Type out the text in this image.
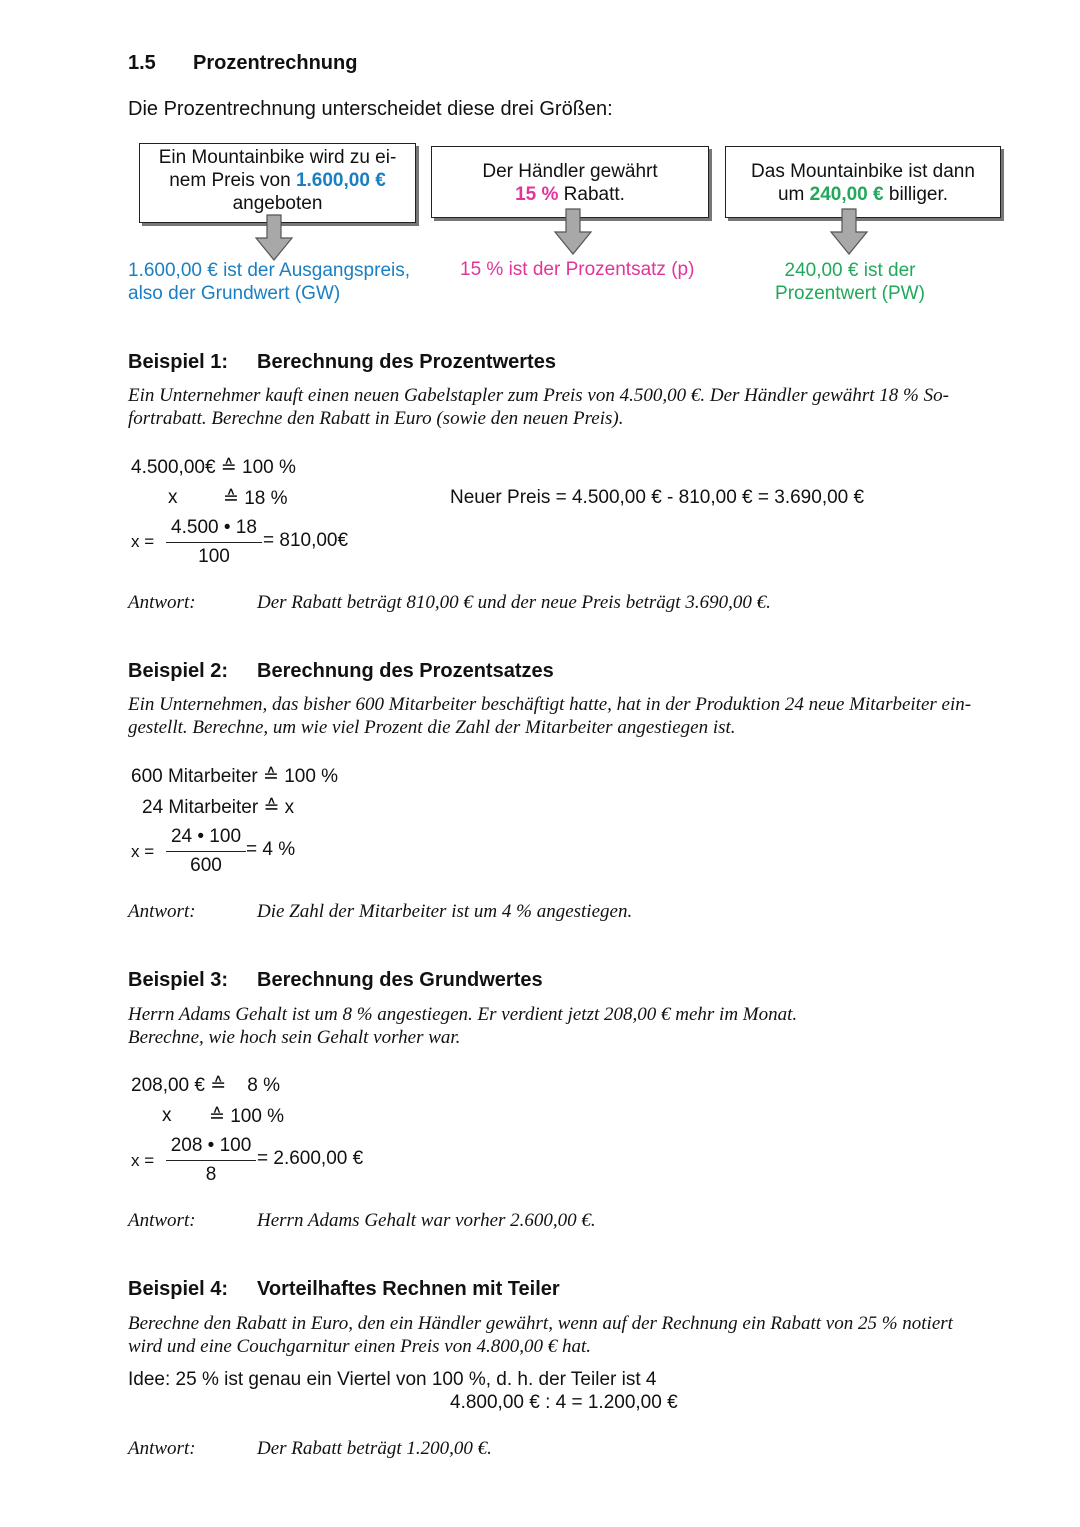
1.5 Prozentrechnung
Die Prozentrechnung unterscheidet diese drei Größen:
Ein Mountainbike wird zu ei-
nem Preis von 1.600,00 €
angeboten
Der Händler gewährt
15 % Rabatt.
Das Mountainbike ist dann
um 240,00 € billiger.
1.600,00 € ist der Ausgangspreis,
also der Grundwert (GW)
15 % ist der Prozentsatz (p)	240,00 € ist der
Prozentwert (PW)
Beispiel 1: Berechnung des Prozentwertes
Ein Unternehmer kauft einen neuen Gabelstapler zum Preis von 4.500,00 €. Der Händler gewährt 18 % So-
fortrabatt. Berechne den Rabatt in Euro (sowie den neuen Preis).
4.500,00€ ≙ 100 %
x ≙ 18 %
x =
4.500 • 18
100
= 810,00€
Neuer Preis = 4.500,00 € - 810,00 € = 3.690,00 €
Antwort:	Der Rabatt beträgt 810,00 € und der neue Preis beträgt 3.690,00 €.
Beispiel 2: Berechnung des Prozentsatzes
Ein Unternehmen, das bisher 600 Mitarbeiter beschäftigt hatte, hat in der Produktion 24 neue Mitarbeiter ein-
gestellt. Berechne, um wie viel Prozent die Zahl der Mitarbeiter angestiegen ist.
600 Mitarbeiter ≙ 100 %
24 Mitarbeiter ≙ x
x =
24 • 100
600
= 4 %
Antwort:	Die Zahl der Mitarbeiter ist um 4 % angestiegen.
Beispiel 3: Berechnung des Grundwertes
Herrn Adams Gehalt ist um 8 % angestiegen. Er verdient jetzt 208,00 € mehr im Monat.
Berechne, wie hoch sein Gehalt vorher war.
208,00 € ≙    8 %
x ≙ 100 %
x =
208 • 100
8
= 2.600,00 €
Antwort:	Herrn Adams Gehalt war vorher 2.600,00 €.
Beispiel 4: Vorteilhaftes Rechnen mit Teiler
Berechne den Rabatt in Euro, den ein Händler gewährt, wenn auf der Rechnung ein Rabatt von 25 % notiert
wird und eine Couchgarnitur einen Preis von 4.800,00 € hat.
Idee: 25 % ist genau ein Viertel von 100 %, d. h. der Teiler ist 4
4.800,00 € : 4 = 1.200,00 €
Antwort:	Der Rabatt beträgt 1.200,00 €.
